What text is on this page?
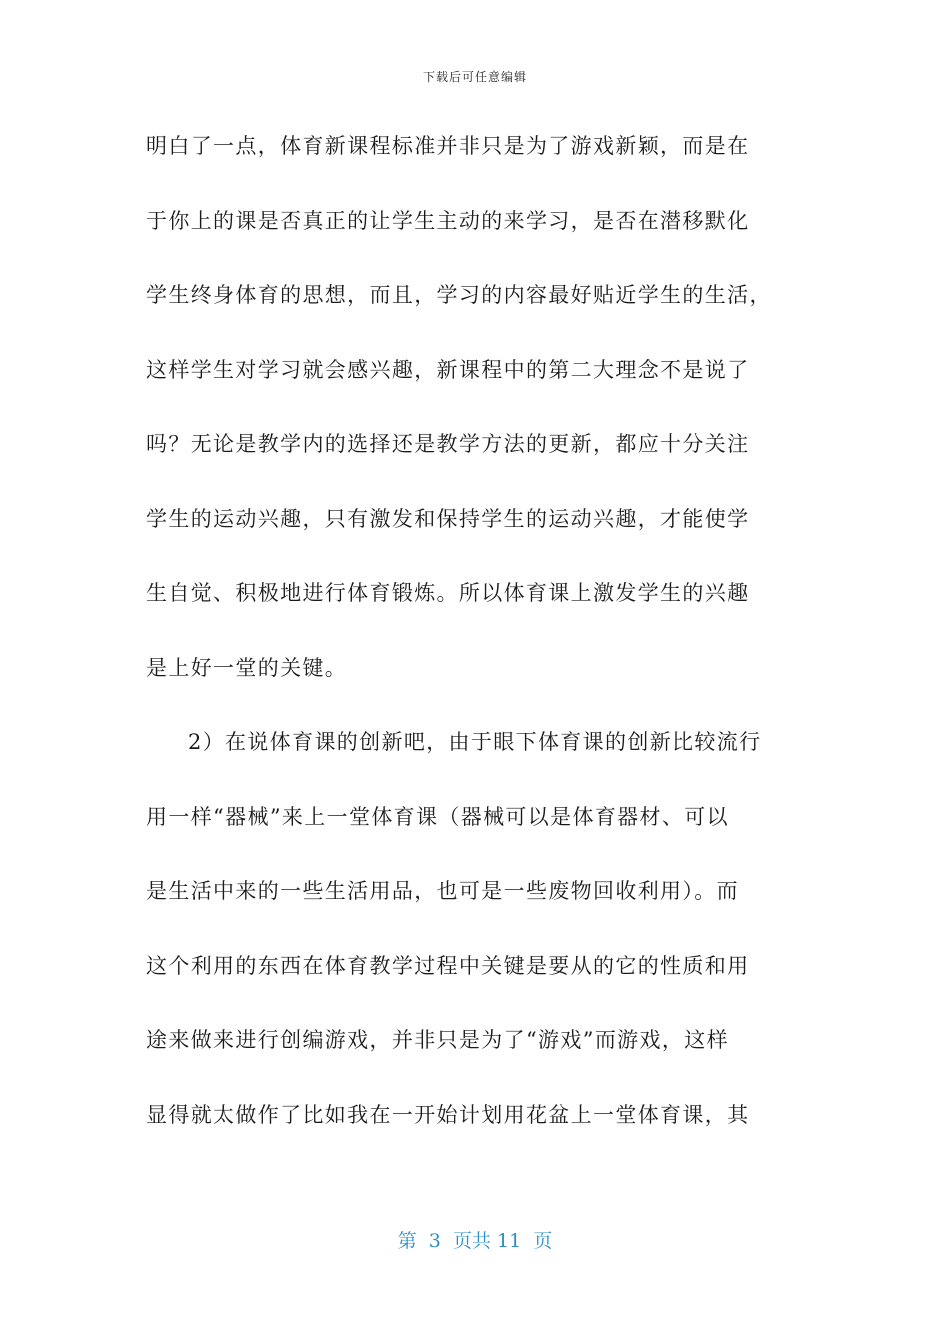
下载后可任意编辑
明白了一点，体育新课程标准并非只是为了游戏新颖，而是在
于你上的课是否真正的让学生主动的来学习，是否在潜移默化
学生终身体育的思想，而且，学习的内容最好贴近学生的生活，
这样学生对学习就会感兴趣，新课程中的第二大理念不是说了
吗？无论是教学内的选择还是教学方法的更新，都应十分关注
学生的运动兴趣，只有激发和保持学生的运动兴趣，才能使学
生自觉、积极地进行体育锻炼。所以体育课上激发学生的兴趣
是上好一堂的关键。
2）在说体育课的创新吧，由于眼下体育课的创新比较流行
用一样“器械”来上一堂体育课（器械可以是体育器材、可以
是生活中来的一些生活用品，也可是一些废物回收利用）。而
这个利用的东西在体育教学过程中关键是要从的它的性质和用
途来做来进行创编游戏，并非只是为了“游戏”而游戏，这样
显得就太做作了比如我在一开始计划用花盆上一堂体育课，其
第 3 页共 11 页
